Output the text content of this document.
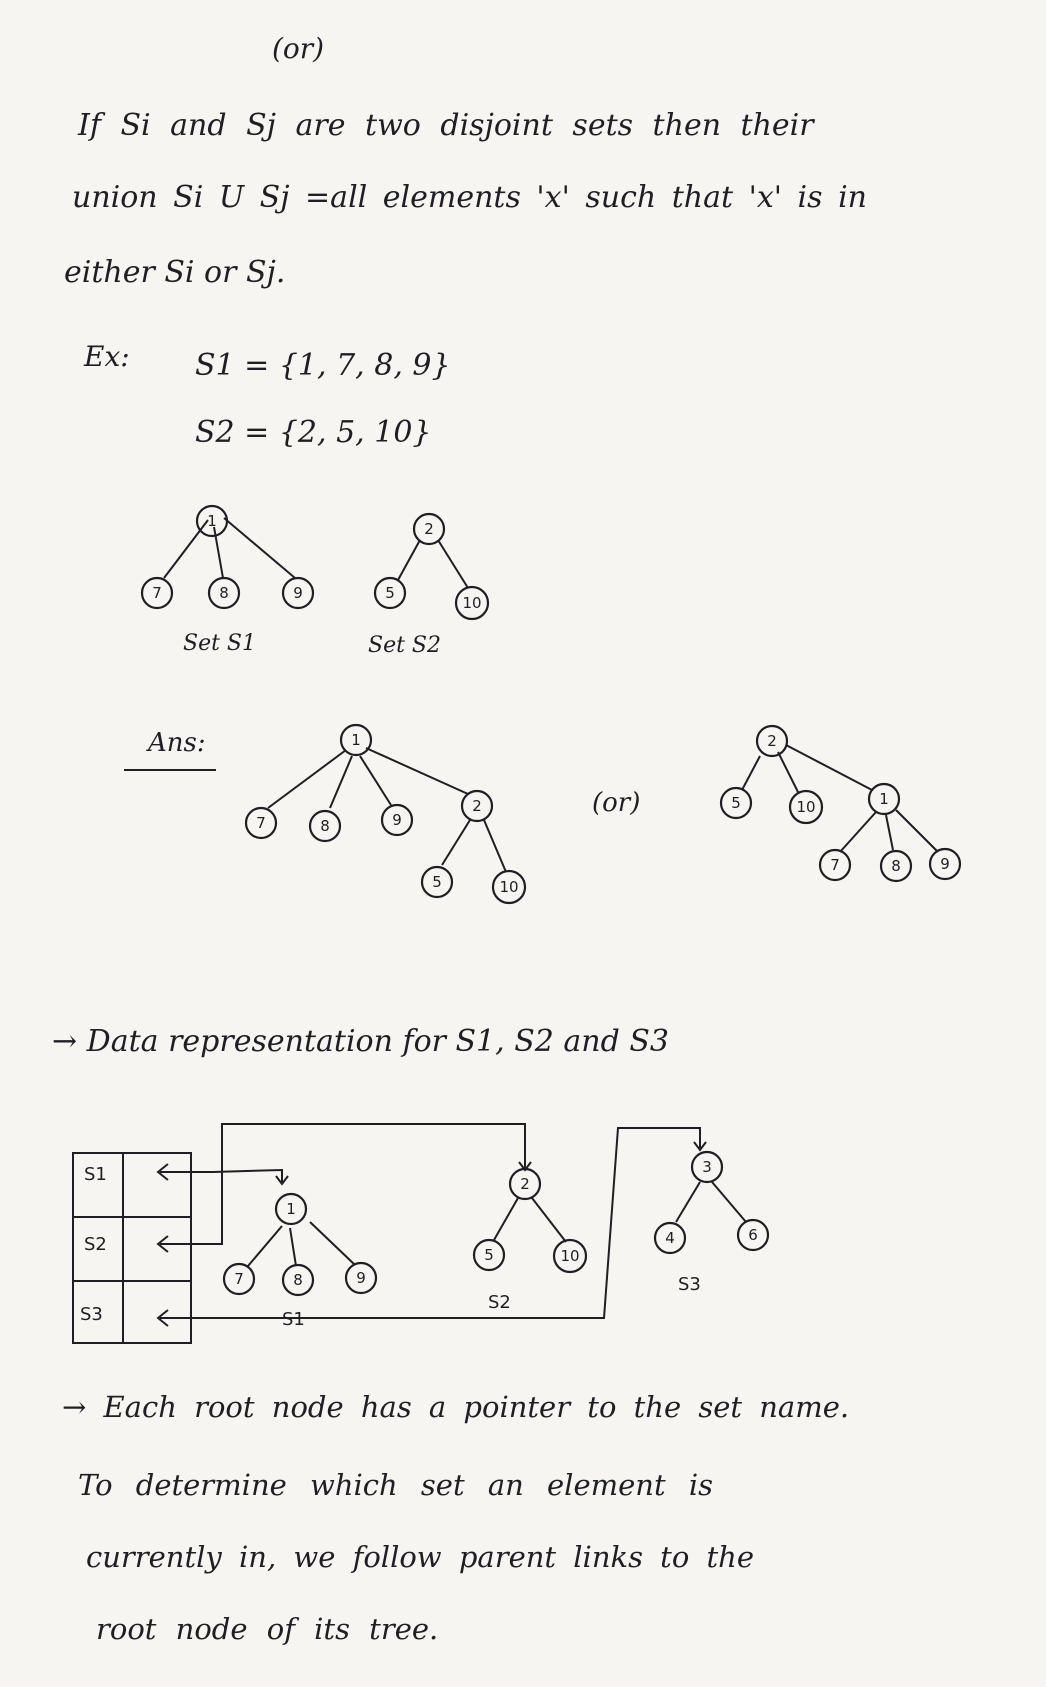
(or)
If Si and Sj are two disjoint sets then their
union Si U Sj =all elements 'x' such that 'x' is in
either Si or Sj.
Ex: S1 = {1, 7, 8, 9}
S2 = {2, 5, 10}
1
7	8	9
Set S1
2
5
10
Set S2
1
7	8	9
2
5	10
2
5	10	1
7	8	9
1
7	8	9
S1
2
5	10
S2
3
4	6
S3
Ans:
(or)
→ Data representation for S1, S2 and S3
S1
S2
S3
→ Each root node has a pointer to the set name.
To determine which set an element is
currently in, we follow parent links to the
root node of its tree.
